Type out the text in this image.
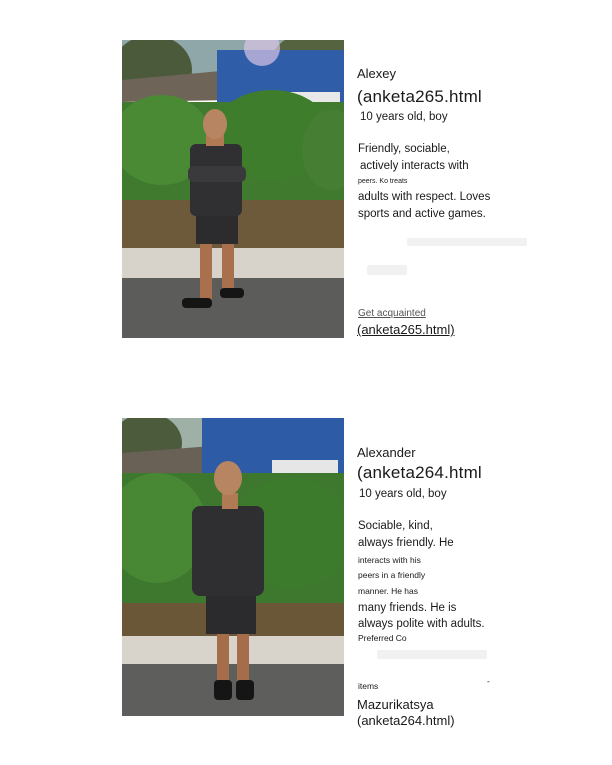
Alexey
(anketa265.html
10 years old, boy
Friendly, sociable,
actively interacts with
peers. Ko treats
adults with respect. Loves
sports and active games.
Get acquainted
(anketa265.html)
Alexander
(anketa264.html
10 years old, boy
Sociable, kind,
always friendly. He
interacts with his
peers in a friendly
manner. He has
many friends. He is
always polite with adults.
Preferred Co
items	-
Mazurikatsya
(anketa264.html)
